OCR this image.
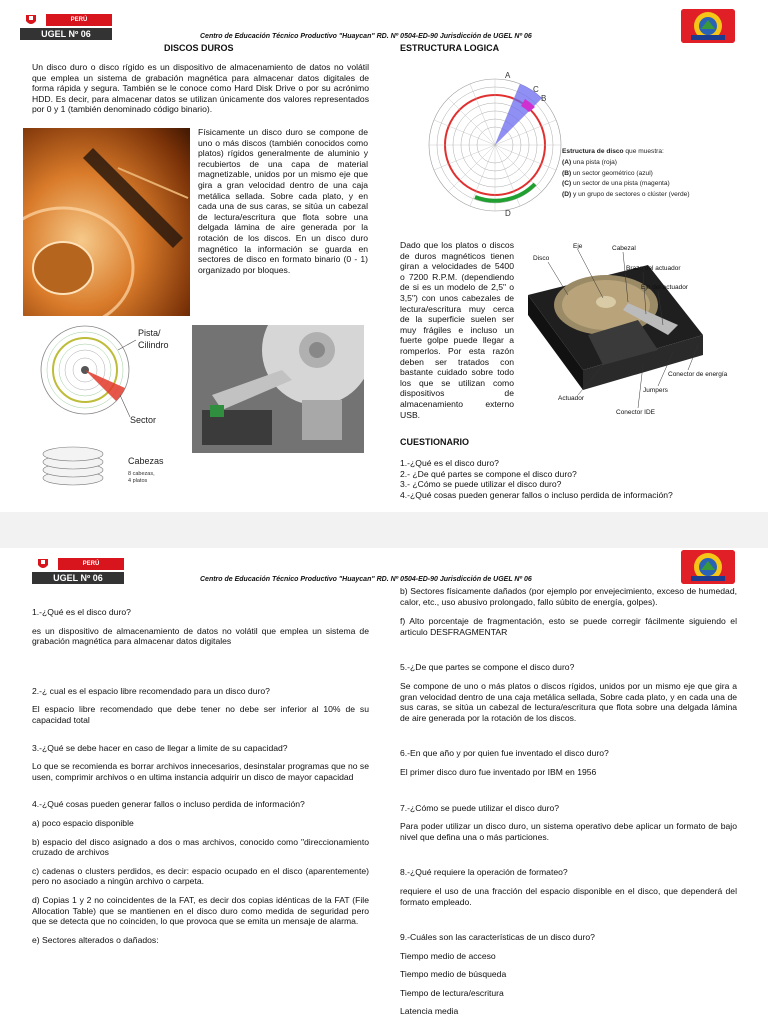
PERÚ
UGEL Nº 06	Centro de Educación Técnico Productivo "Huaycan" RD. Nº 0504-ED-90 Jurisdicción de UGEL Nº 06
DISCOS DUROS	ESTRUCTURA LOGICA
Un disco duro o disco rígido es un dispositivo de almacenamiento de datos no volátil que emplea un sistema de grabación magnética para almacenar datos digitales de forma rápida y segura. También se le conoce como Hard Disk Drive o por su acrónimo HDD. Es decir, para almacenar datos se utilizan únicamente dos valores representados por 0 y 1 (también denominado código binario).
Físicamente un disco duro se compone de uno o más discos (también conocidos como platos) rígidos generalmente de aluminio y recubiertos de una capa de material magnetizable, unidos por un mismo eje que gira a gran velocidad dentro de una caja metálica sellada. Sobre cada plato, y en cada una de sus caras, se sitúa un cabezal de lectura/escritura que flota sobre una delgada lámina de aire generada por la rotación de los discos. En un disco duro magnético la información se guarda en sectores de disco en formato binario (0 - 1) organizado por bloques.
A
C
B
D
Estructura de disco que muestra:
(A) una pista (roja)
(B) un sector geométrico (azul)
(C) un sector de una pista (magenta)
(D) y un grupo de sectores o clúster (verde)
Dado que los platos o discos de duros magnéticos tienen giran a velocidades de 5400 o 7200 R.P.M. (dependiendo de si es un modelo de 2,5" o 3,5") con unos cabezales de lectura/escritura muy cerca de la superficie suelen ser muy frágiles e incluso un fuerte golpe puede llegar a romperlos. Por esta razón deben ser tratados con bastante cuidado sobre todo los que se utilizan como dispositivos de almacenamiento externo USB.
Disco
Eje	Cabezal
Brazo del actuador
Eje del actuador
Conector de energía
Jumpers
Actuador
Conector IDE
Pista/
Cilindro
Sector
Cabezas
8 cabezas,
4 platos
CUESTIONARIO
1.-¿Qué es el disco duro?
2.- ¿De qué partes se compone el disco duro?
3.- ¿Cómo se puede utilizar el disco duro?
4.-¿Qué cosas pueden generar fallos o incluso perdida de información?
PERÚ
UGEL Nº 06	Centro de Educación Técnico Productivo "Huaycan" RD. Nº 0504-ED-90 Jurisdicción de UGEL Nº 06
1.-¿Qué es el disco duro?
es un dispositivo de almacenamiento de datos no volátil que emplea un sistema de grabación magnética para almacenar datos digitales
2.-¿ cual es el espacio libre recomendado para un disco duro?
El espacio libre recomendado que debe tener no debe ser inferior al 10% de su capacidad total
3.-¿Qué se debe hacer en caso de llegar a limite de su capacidad?
Lo que se recomienda es borrar archivos innecesarios, desinstalar programas que no se usen, comprimir archivos o en ultima instancia adquirir un disco de mayor capacidad
4.-¿Qué cosas pueden generar fallos o incluso perdida de información?
a) poco espacio disponible
b) espacio del disco asignado a dos o mas archivos, conocido como "direccionamiento cruzado de archivos
c) cadenas o clusters perdidos, es decir: espacio ocupado en el disco (aparentemente) pero no asociado a ningún archivo o carpeta.
d) Copias 1 y 2 no coincidentes de la FAT, es decir dos copias idénticas de la FAT (File Allocation Table) que se mantienen en el disco duro como medida de seguridad pero que se detecta que no coinciden, lo que provoca que se emita un mensaje de alarma.
e) Sectores alterados o dañados:
b) Sectores físicamente dañados (por ejemplo por envejecimiento, exceso de humedad, calor, etc., uso abusivo prolongado, fallo súbito de energía, golpes).
f) Alto porcentaje de fragmentación, esto se puede corregir fácilmente siguiendo el articulo DESFRAGMENTAR
5.-¿De que partes se compone el disco duro?
Se compone de uno o más platos o discos rígidos, unidos por un mismo eje que gira a gran velocidad dentro de una caja metálica sellada, Sobre cada plato, y en cada una de sus caras, se sitúa un cabezal de lectura/escritura que flota sobre una delgada lámina de aire generada por la rotación de los discos.
6.-En que año y por quien fue inventado el disco duro?
El primer disco duro fue inventado por IBM en 1956
7.-¿Cómo se puede utilizar el disco duro?
Para poder utilizar un disco duro, un sistema operativo debe aplicar un formato de bajo nivel que defina una o más particiones.
8.-¿Qué requiere la operación de formateo?
requiere el uso de una fracción del espacio disponible en el disco, que dependerá del formato empleado.
9.-Cuáles son las características de un disco duro?
Tiempo medio de acceso
Tiempo medio de búsqueda
Tiempo de lectura/escritura
Latencia media
